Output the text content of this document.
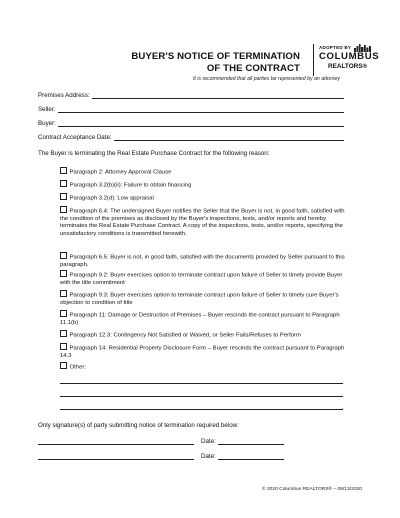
BUYER'S NOTICE OF TERMINATION
OF THE CONTRACT
It is recommended that all parties be represented by an attorney
ADOPTED BY
COLUMBUS
REALTORS®
Premises Address:
Seller:
Buyer:
Contract Acceptance Date:
The Buyer is terminating the Real Estate Purchase Contract for the following reason:
Paragraph 2: Attorney Approval Clause
Paragraph 3.2(b)(ii): Failure to obtain financing
Paragraph 3.2(d): Low appraisal
Paragraph 6.4: The undersigned Buyer notifies the Seller that the Buyer is not, in good faith, satisfied with the condition of the premises as disclosed by the Buyer's inspections, tests, and/or reports and hereby terminates the Real Estate Purchase Contract. A copy of the inspections, tests, and/or reports, specifying the unsatisfactory conditions is transmitted herewith.
Paragraph 6.5: Buyer is not, in good faith, satisfied with the documents provided by Seller pursuant to this paragraph.
Paragraph 9.2: Buyer exercises option to terminate contract upon failure of Seller to timely provide Buyer with the title commitment
Paragraph 9.3: Buyer exercises option to terminate contract upon failure of Seller to timely cure Buyer's objection to condition of title
Paragraph 11: Damage or Destruction of Premises – Buyer rescinds the contract pursuant to Paragraph 11.1(b)
Paragraph 12.3: Contingency Not Satisfied or Waived, or Seller Fails/Refuses to Perform
Paragraph 14: Residential Property Disclosure Form – Buyer rescinds the contract pursuant to Paragraph 14.3
Other:
.
Only signature(s) of party submitting notice of termination required below:
Date:
Date:
© 2020 Columbus REALTORS® – 08/13/2020
